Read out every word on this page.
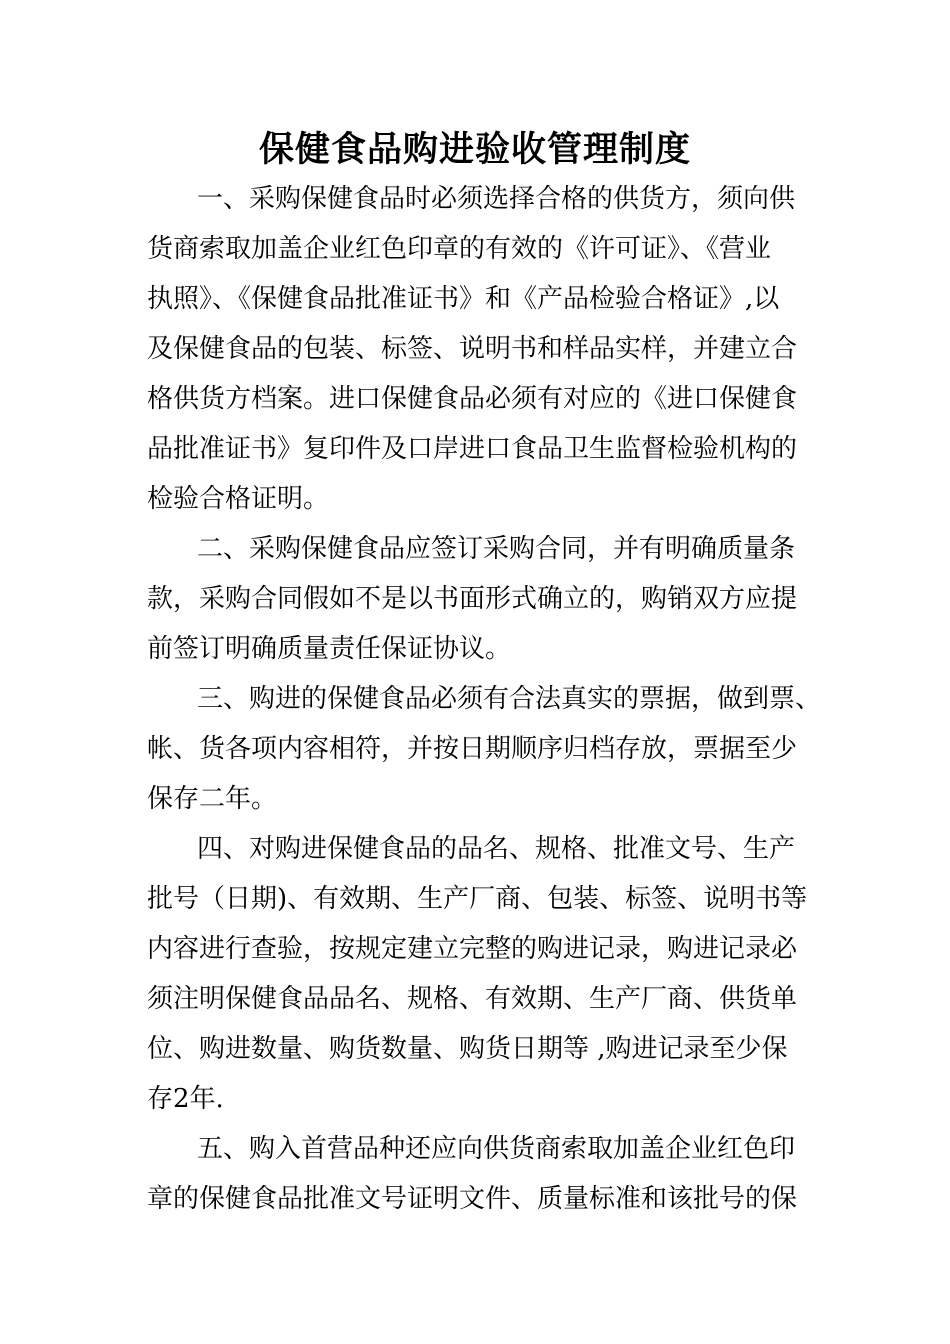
保健食品购进验收管理制度
一、采购保健食品时必须选择合格的供货方，须向供
货商索取加盖企业红色印章的有效的《许可证》、《营业
执照》、《保健食品批准证书》和《产品检验合格证》,以
及保健食品的包装、标签、说明书和样品实样，并建立合
格供货方档案。进口保健食品必须有对应的《进口保健食
品批准证书》复印件及口岸进口食品卫生监督检验机构的
检验合格证明。
二、采购保健食品应签订采购合同，并有明确质量条
款，采购合同假如不是以书面形式确立的，购销双方应提
前签订明确质量责任保证协议。
三、购进的保健食品必须有合法真实的票据，做到票、
帐、货各项内容相符，并按日期顺序归档存放，票据至少
保存二年。
四、对购进保健食品的品名、规格、批准文号、生产
批号（日期)、有效期、生产厂商、包装、标签、说明书等
内容进行查验，按规定建立完整的购进记录，购进记录必
须注明保健食品品名、规格、有效期、生产厂商、供货单
位、购进数量、购货数量、购货日期等 ,购进记录至少保
存2年.
五、购入首营品种还应向供货商索取加盖企业红色印
章的保健食品批准文号证明文件、质量标准和该批号的保
